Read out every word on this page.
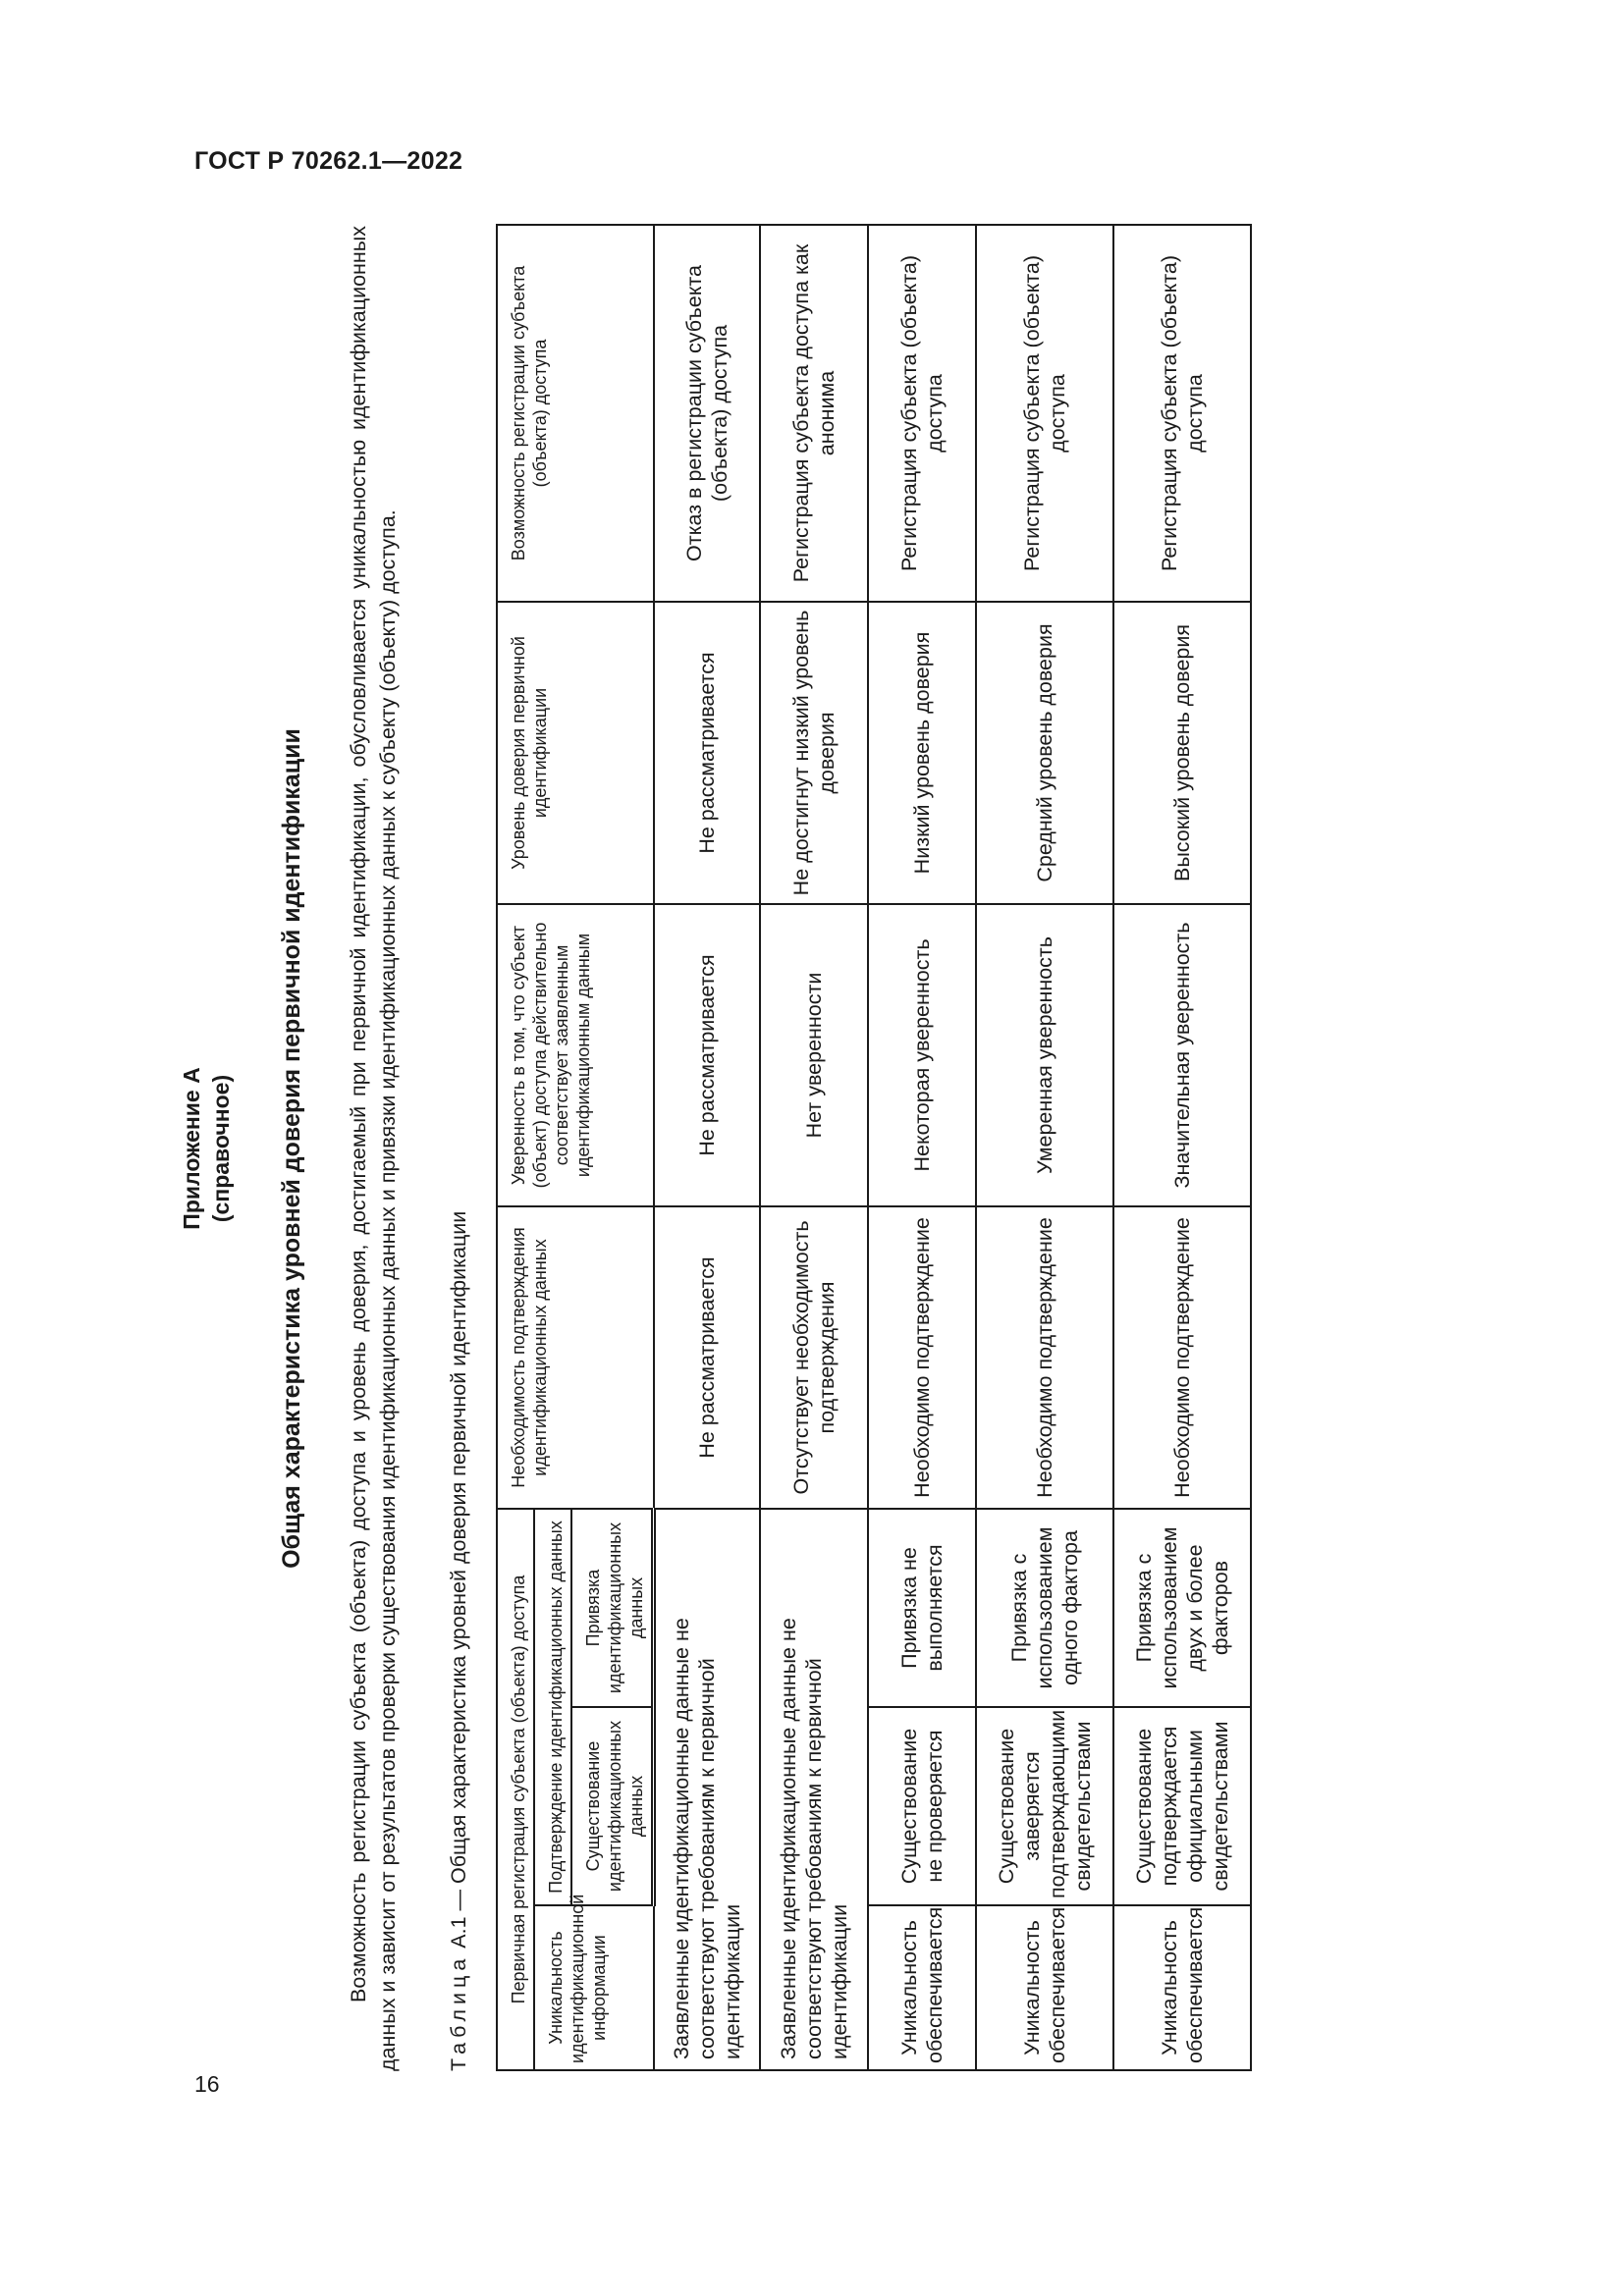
ГОСТ Р 70262.1—2022
16
Приложение А (справочное) Общая характеристика уровней доверия первичной идентификации Возможность регистрации субъекта (объекта) доступа и уровень доверия, достигаемый при первичной идентификации, обусловливается уникальностью идентификационных данных и зависит от результатов проверки существования идентификационных данных и привязки идентификационных данных к субъекту (объекту) доступа. Таблица А.1 — Общая характеристика уровней доверия первичной идентификации Первичная регистрация субъекта (объекта) доступа			Необходимость подтверждения идентификационных данных	Уверенность в том, что субъект (объект) доступа действительно соответствует заявленным идентификационным данным	Уровень доверия первичной идентификации	Возможность регистрации субъекта (объекта) доступа
Уникальность идентификационной информации	Подтверждение идентификационных данных					
	Существование идентификационных данных	Привязка идентификационных данных				
Заявленные идентификационные данные не соответствуют требованиям к первичной идентификации			Не рассматривается	Не рассматривается	Не рассматривается	Отказ в регистрации субъекта (объекта) доступа
Заявленные идентификационные данные не соответствуют требованиям к первичной идентификации			Отсутствует необходимость подтверждения	Нет уверенности	Не достигнут низкий уровень доверия	Регистрация субъекта доступа как анонима
Уникальность обеспечивается	Существование не проверяется	Привязка не выполняется	Необходимо подтверждение	Некоторая уверенность	Низкий уровень доверия	Регистрация субъекта (объекта) доступа
Уникальность обеспечивается	Существование заверяется подтверждающими свидетельствами	Привязка с использованием одного фактора	Необходимо подтверждение	Умеренная уверенность	Средний уровень доверия	Регистрация субъекта (объекта) доступа
Уникальность обеспечивается	Существование подтверждается официальными свидетельствами	Привязка с использованием двух и более факторов	Необходимо подтверждение	Значительная уверенность	Высокий уровень доверия	Регистрация субъекта (объекта) доступа
